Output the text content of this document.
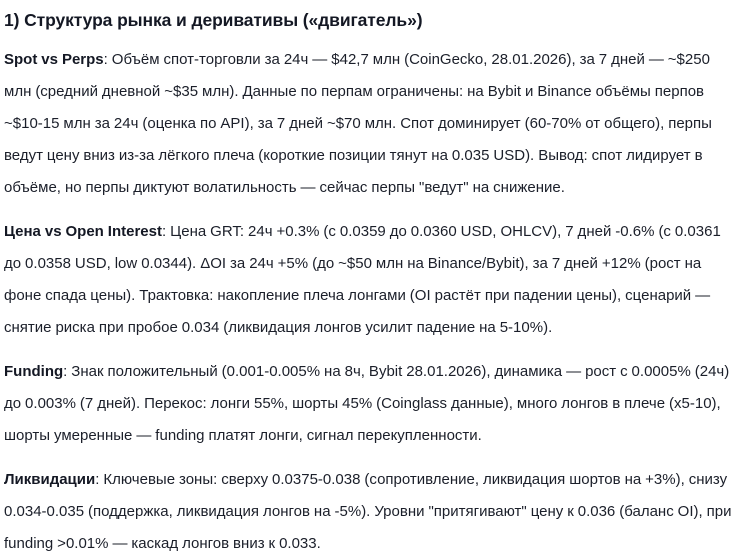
1) Структура рынка и деривативы («двигатель»)

Spot vs Perps: Объём спот-торговли за 24ч — $42,7 млн (CoinGecko, 28.01.2026), за 7 дней — ~$250 млн (средний дневной ~$35 млн). Данные по перпам ограничены: на Bybit и Binance объёмы перпов ~$10-15 млн за 24ч (оценка по API), за 7 дней ~$70 млн. Спот доминирует (60-70% от общего), перпы ведут цену вниз из-за лёгкого плеча (короткие позиции тянут на 0.035 USD). Вывод: спот лидирует в объёме, но перпы диктуют волатильность — сейчас перпы "ведут" на снижение.

Цена vs Open Interest: Цена GRT: 24ч +0.3% (с 0.0359 до 0.0360 USD, OHLCV), 7 дней -0.6% (с 0.0361 до 0.0358 USD, low 0.0344). ΔOI за 24ч +5% (до ~$50 млн на Binance/Bybit), за 7 дней +12% (рост на фоне спада цены). Трактовка: накопление плеча лонгами (OI растёт при падении цены), сценарий — снятие риска при пробое 0.034 (ликвидация лонгов усилит падение на 5-10%).

Funding: Знак положительный (0.001-0.005% на 8ч, Bybit 28.01.2026), динамика — рост с 0.0005% (24ч) до 0.003% (7 дней). Перекос: лонги 55%, шорты 45% (Coinglass данные), много лонгов в плече (x5-10), шорты умеренные — funding платят лонги, сигнал перекупленности.

Ликвидации: Ключевые зоны: сверху 0.0375-0.038 (сопротивление, ликвидация шортов на +3%), снизу 0.034-0.035 (поддержка, ликвидация лонгов на -5%). Уровни "притягивают" цену к 0.036 (баланс OI), при funding >0.01% — каскад лонгов вниз к 0.033.
